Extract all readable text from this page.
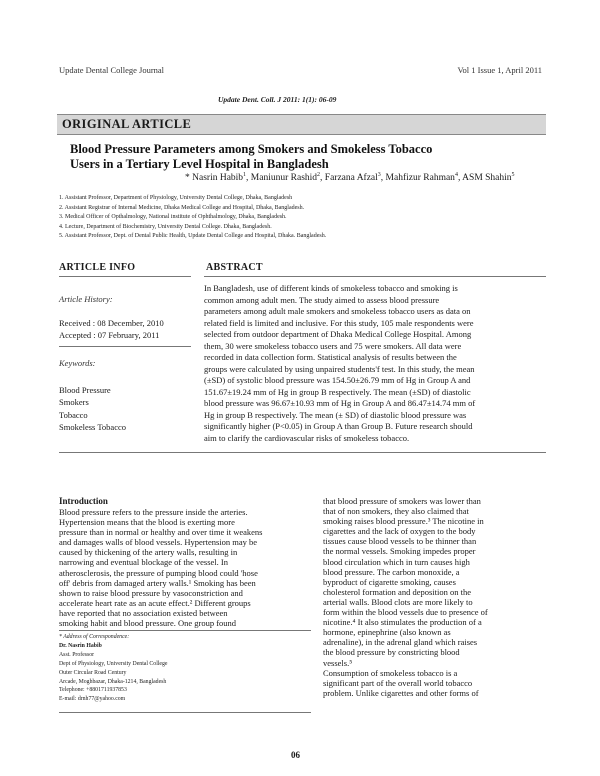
Update Dental College Journal	Vol 1 Issue 1, April 2011
Update Dent. Coll. J 2011: 1(1): 06-09
ORIGINAL ARTICLE
Blood Pressure Parameters among Smokers and Smokeless Tobacco
Users in a Tertiary Level Hospital in Bangladesh
* Nasrin Habib$^1$, Maniunur Rashid$^2$, Farzana Afzal$^3$, Mahfizur Rahman$^4$, ASM Shahin$^5$
1. Assistant Professor, Department of Physiology, University Dental College, Dhaka, Bangladesh
2. Assistant Registrar of Internal Medicine, Dhaka Medical College and Hospital, Dhaka, Bangladesh.
3. Medical Officer of Opthalmology, National institute of Ophthalmology, Dhaka, Bangladesh.
4. Lecture, Department of Biochemistry, University Dental College. Dhaka, Bangladesh.
5. Assistant Professor, Dept. of Dental Public Health, Update Dental College and Hospital, Dhaka. Bangladesh.
ARTICLE INFO
Article History:
Received : 08 December, 2010
Accepted : 07 February, 2011
Keywords:
Blood Pressure
Smokers
Tobacco
Smokeless Tobacco
ABSTRACT
In Bangladesh, use of different kinds of smokeless tobacco and smoking is
common among adult men. The study aimed to assess blood pressure
parameters among adult male smokers and smokeless tobacco users as data on
related field is limited and inclusive. For this study, 105 male respondents were
selected from outdoor department of Dhaka Medical College Hospital. Among
them, 30 were smokeless tobacco users and 75 were smokers. All data were
recorded in data collection form. Statistical analysis of results between the
groups were calculated by using unpaired students'f test. In this study, the mean
(±SD) of systolic blood pressure was 154.50±26.79 mm of Hg in Group A and
151.67±19.24 mm of Hg in group B respectively. The mean (±SD) of diastolic
blood pressure was 96.67±10.93 mm of Hg in Group A and 86.47±14.74 mm of
Hg in group B respectively. The mean (± SD) of diastolic blood pressure was
significantly higher (P<0.05) in Group A than Group B. Future research should
aim to clarify the cardiovascular risks of smokeless tobacco.
Introduction
Blood pressure refers to the pressure inside the arteries.
Hypertension means that the blood is exerting more
pressure than in normal or healthy and over time it weakens
and damages walls of blood vessels. Hypertension may be
caused by thickening of the artery walls, resulting in
narrowing and eventual blockage of the vessel. In
atherosclerosis, the pressure of pumping blood could 'hose
off' debris from damaged artery walls.¹ Smoking has been
shown to raise blood pressure by vasoconstriction and
accelerate heart rate as an acute effect.² Different groups
have reported that no association existed between
smoking habit and blood pressure. One group found
that blood pressure of smokers was lower than
that of non smokers, they also claimed that
smoking raises blood pressure.³ The nicotine in
cigarettes and the lack of oxygen to the body
tissues cause blood vessels to be thinner than
the normal vessels. Smoking impedes proper
blood circulation which in turn causes high
blood pressure. The carbon monoxide, a
byproduct of cigarette smoking, causes
cholesterol formation and deposition on the
arterial walls. Blood clots are more likely to
form within the blood vessels due to presence of
nicotine.⁴ It also stimulates the production of a
hormone, epinephrine (also known as
adrenaline), in the adrenal gland which raises
the blood pressure by constricting blood
vessels.⁵
Consumption of smokeless tobacco is a
significant part of the overall world tobacco
problem. Unlike cigarettes and other forms of
* Address of Correspondence:
Dr. Nasrin Habib
Asst. Professor
Dept of Physiology, University Dental College
Outer Circular Road Century
Arcade, Moghbazar, Dhaka-1214, Bangladesh
Telephone: +8801711937853
E-mail: drnh77@yahoo.com
06
